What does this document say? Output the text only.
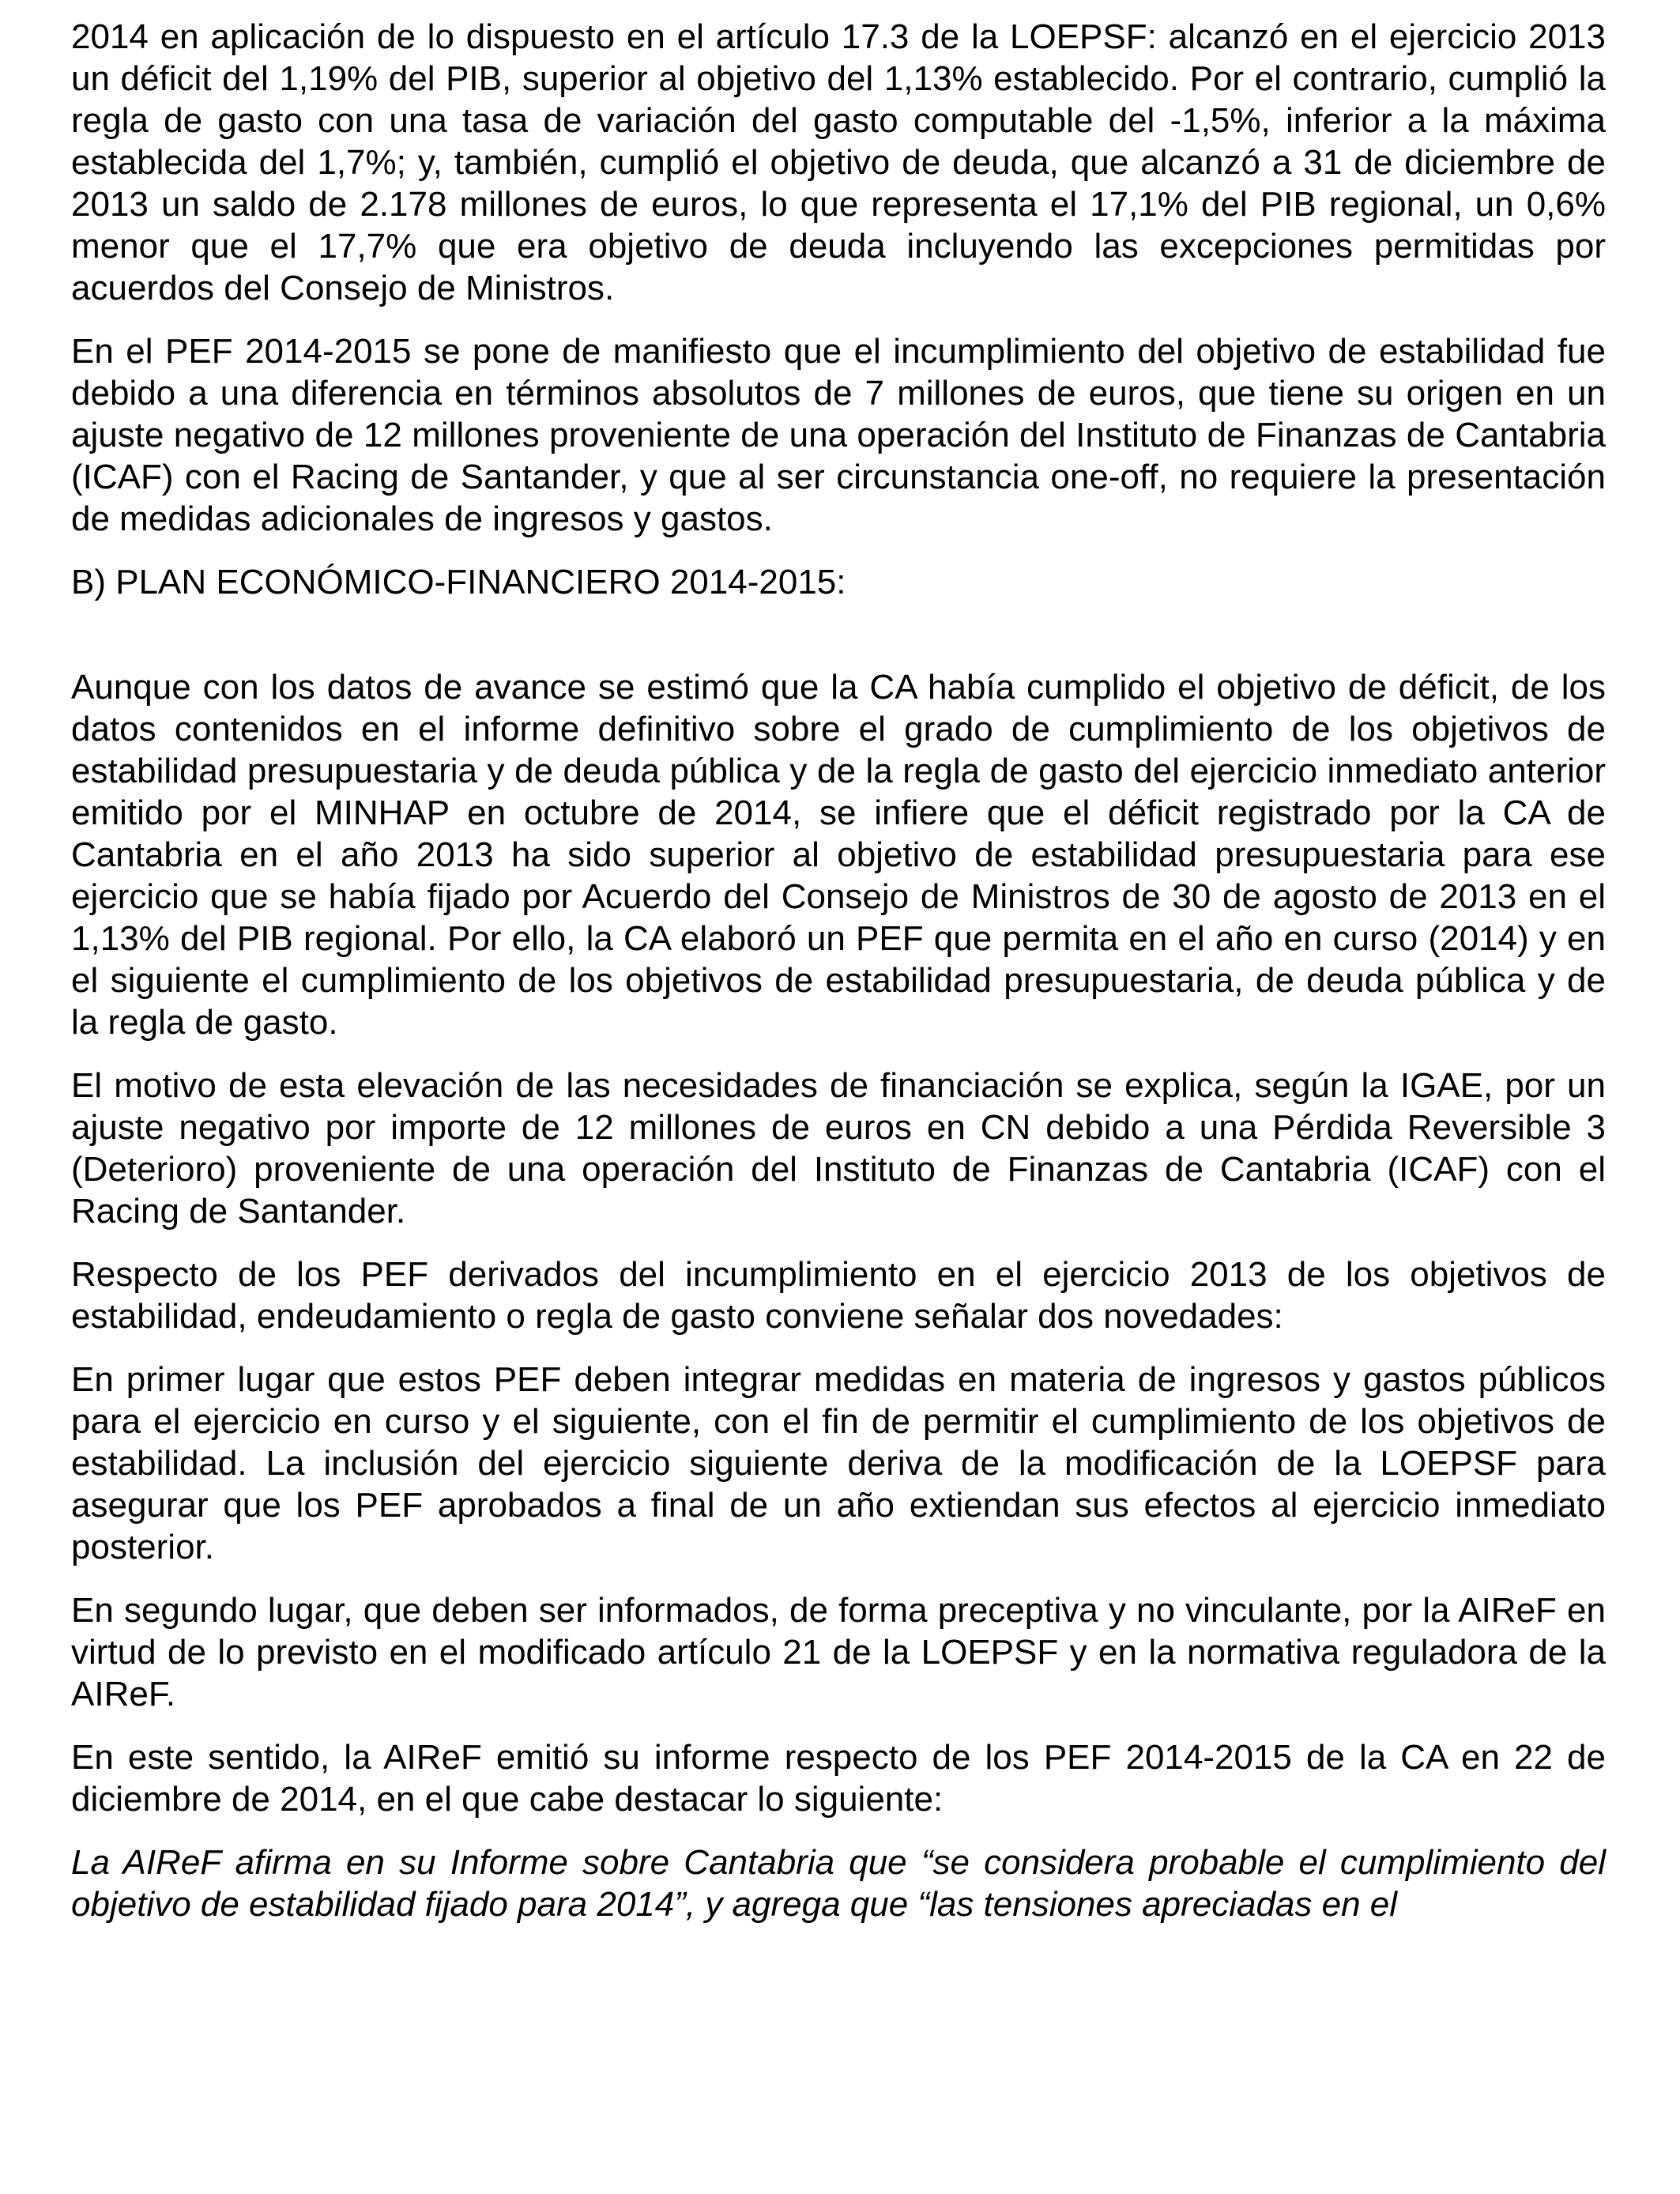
2014 en aplicación de lo dispuesto en el artículo 17.3 de la LOEPSF: alcanzó en el ejercicio 2013 un déficit del 1,19% del PIB, superior al objetivo del 1,13% establecido. Por el contrario, cumplió la regla de gasto con una tasa de variación del gasto computable del -1,5%, inferior a la máxima establecida del 1,7%; y, también, cumplió el objetivo de deuda, que alcanzó a 31 de diciembre de 2013 un saldo de 2.178 millones de euros, lo que representa el 17,1% del PIB regional, un 0,6% menor que el 17,7% que era objetivo de deuda incluyendo las excepciones permitidas por acuerdos del Consejo de Ministros.

En el PEF 2014-2015 se pone de manifiesto que el incumplimiento del objetivo de estabilidad fue debido a una diferencia en términos absolutos de 7 millones de euros, que tiene su origen en un ajuste negativo de 12 millones proveniente de una operación del Instituto de Finanzas de Cantabria (ICAF) con el Racing de Santander, y que al ser circunstancia one-off, no requiere la presentación de medidas adicionales de ingresos y gastos.

B) PLAN ECONÓMICO-FINANCIERO 2014-2015:

Aunque con los datos de avance se estimó que la CA había cumplido el objetivo de déficit, de los datos contenidos en el informe definitivo sobre el grado de cumplimiento de los objetivos de estabilidad presupuestaria y de deuda pública y de la regla de gasto del ejercicio inmediato anterior emitido por el MINHAP en octubre de 2014, se infiere que el déficit registrado por la CA de Cantabria en el año 2013 ha sido superior al objetivo de estabilidad presupuestaria para ese ejercicio que se había fijado por Acuerdo del Consejo de Ministros de 30 de agosto de 2013 en el 1,13% del PIB regional. Por ello, la CA elaboró un PEF que permita en el año en curso (2014) y en el siguiente el cumplimiento de los objetivos de estabilidad presupuestaria, de deuda pública y de la regla de gasto.

El motivo de esta elevación de las necesidades de financiación se explica, según la IGAE, por un ajuste negativo por importe de 12 millones de euros en CN debido a una Pérdida Reversible 3 (Deterioro) proveniente de una operación del Instituto de Finanzas de Cantabria (ICAF) con el Racing de Santander.

Respecto de los PEF derivados del incumplimiento en el ejercicio 2013 de los objetivos de estabilidad, endeudamiento o regla de gasto conviene señalar dos novedades:

En primer lugar que estos PEF deben integrar medidas en materia de ingresos y gastos públicos para el ejercicio en curso y el siguiente, con el fin de permitir el cumplimiento de los objetivos de estabilidad. La inclusión del ejercicio siguiente deriva de la modificación de la LOEPSF para asegurar que los PEF aprobados a final de un año extiendan sus efectos al ejercicio inmediato posterior.

En segundo lugar, que deben ser informados, de forma preceptiva y no vinculante, por la AIReF en virtud de lo previsto en el modificado artículo 21 de la LOEPSF y en la normativa reguladora de la AIReF.

En este sentido, la AIReF emitió su informe respecto de los PEF 2014-2015 de la CA en 22 de diciembre de 2014, en el que cabe destacar lo siguiente:

La AIReF afirma en su Informe sobre Cantabria que “se considera probable el cumplimiento del objetivo de estabilidad fijado para 2014”, y agrega que “las tensiones apreciadas en el
